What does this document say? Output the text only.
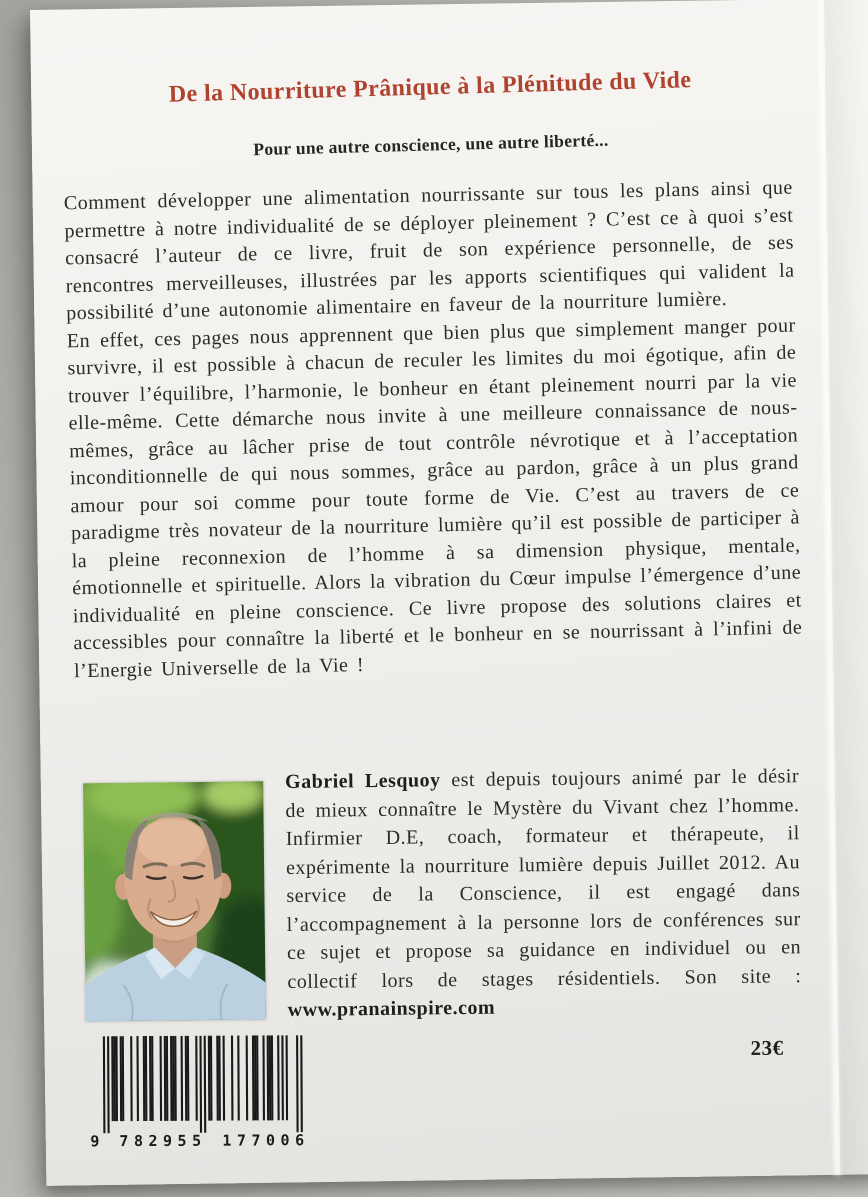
De la Nourriture Prânique à la Plénitude du Vide
Pour une autre conscience, une autre liberté...

Comment développer une alimentation nourrissante sur tous les plans ainsi que permettre à notre individualité de se déployer pleinement ? C’est ce à quoi s’est consacré l’auteur de ce livre, fruit de son expérience personnelle, de ses rencontres merveilleuses, illustrées par les apports scientifiques qui valident la possibilité d’une autonomie alimentaire en faveur de la nourriture lumière.

En effet, ces pages nous apprennent que bien plus que simplement manger pour survivre, il est possible à chacun de reculer les limites du moi égotique, afin de trouver l’équilibre, l’harmonie, le bonheur en étant pleinement nourri par la vie elle-même. Cette démarche nous invite à une meilleure connaissance de nous-mêmes, grâce au lâcher prise de tout contrôle névrotique et à l’acceptation inconditionnelle de qui nous sommes, grâce au pardon, grâce à un plus grand amour pour soi comme pour toute forme de Vie. C’est au travers de ce paradigme très novateur de la nourriture lumière qu’il est possible de participer à la pleine reconnexion de l’homme à sa dimension physique, mentale, émotionnelle et spirituelle. Alors la vibration du Cœur impulse l’émergence d’une individualité en pleine conscience. Ce livre propose des solutions claires et accessibles pour connaître la liberté et le bonheur en se nourrissant à l’infini de l’Energie Universelle de la Vie !

Gabriel Lesquoy est depuis toujours animé par le désir de mieux connaître le Mystère du Vivant chez l’homme. Infirmier D.E, coach, formateur et thérapeute, il expérimente la nourriture lumière depuis Juillet 2012. Au service de la Conscience, il est engagé dans l’accompagnement à la personne lors de conférences sur ce sujet et propose sa guidance en individuel ou en collectif lors de stages résidentiels. Son site : www.pranainspire.com

9 782955 177006

23€
